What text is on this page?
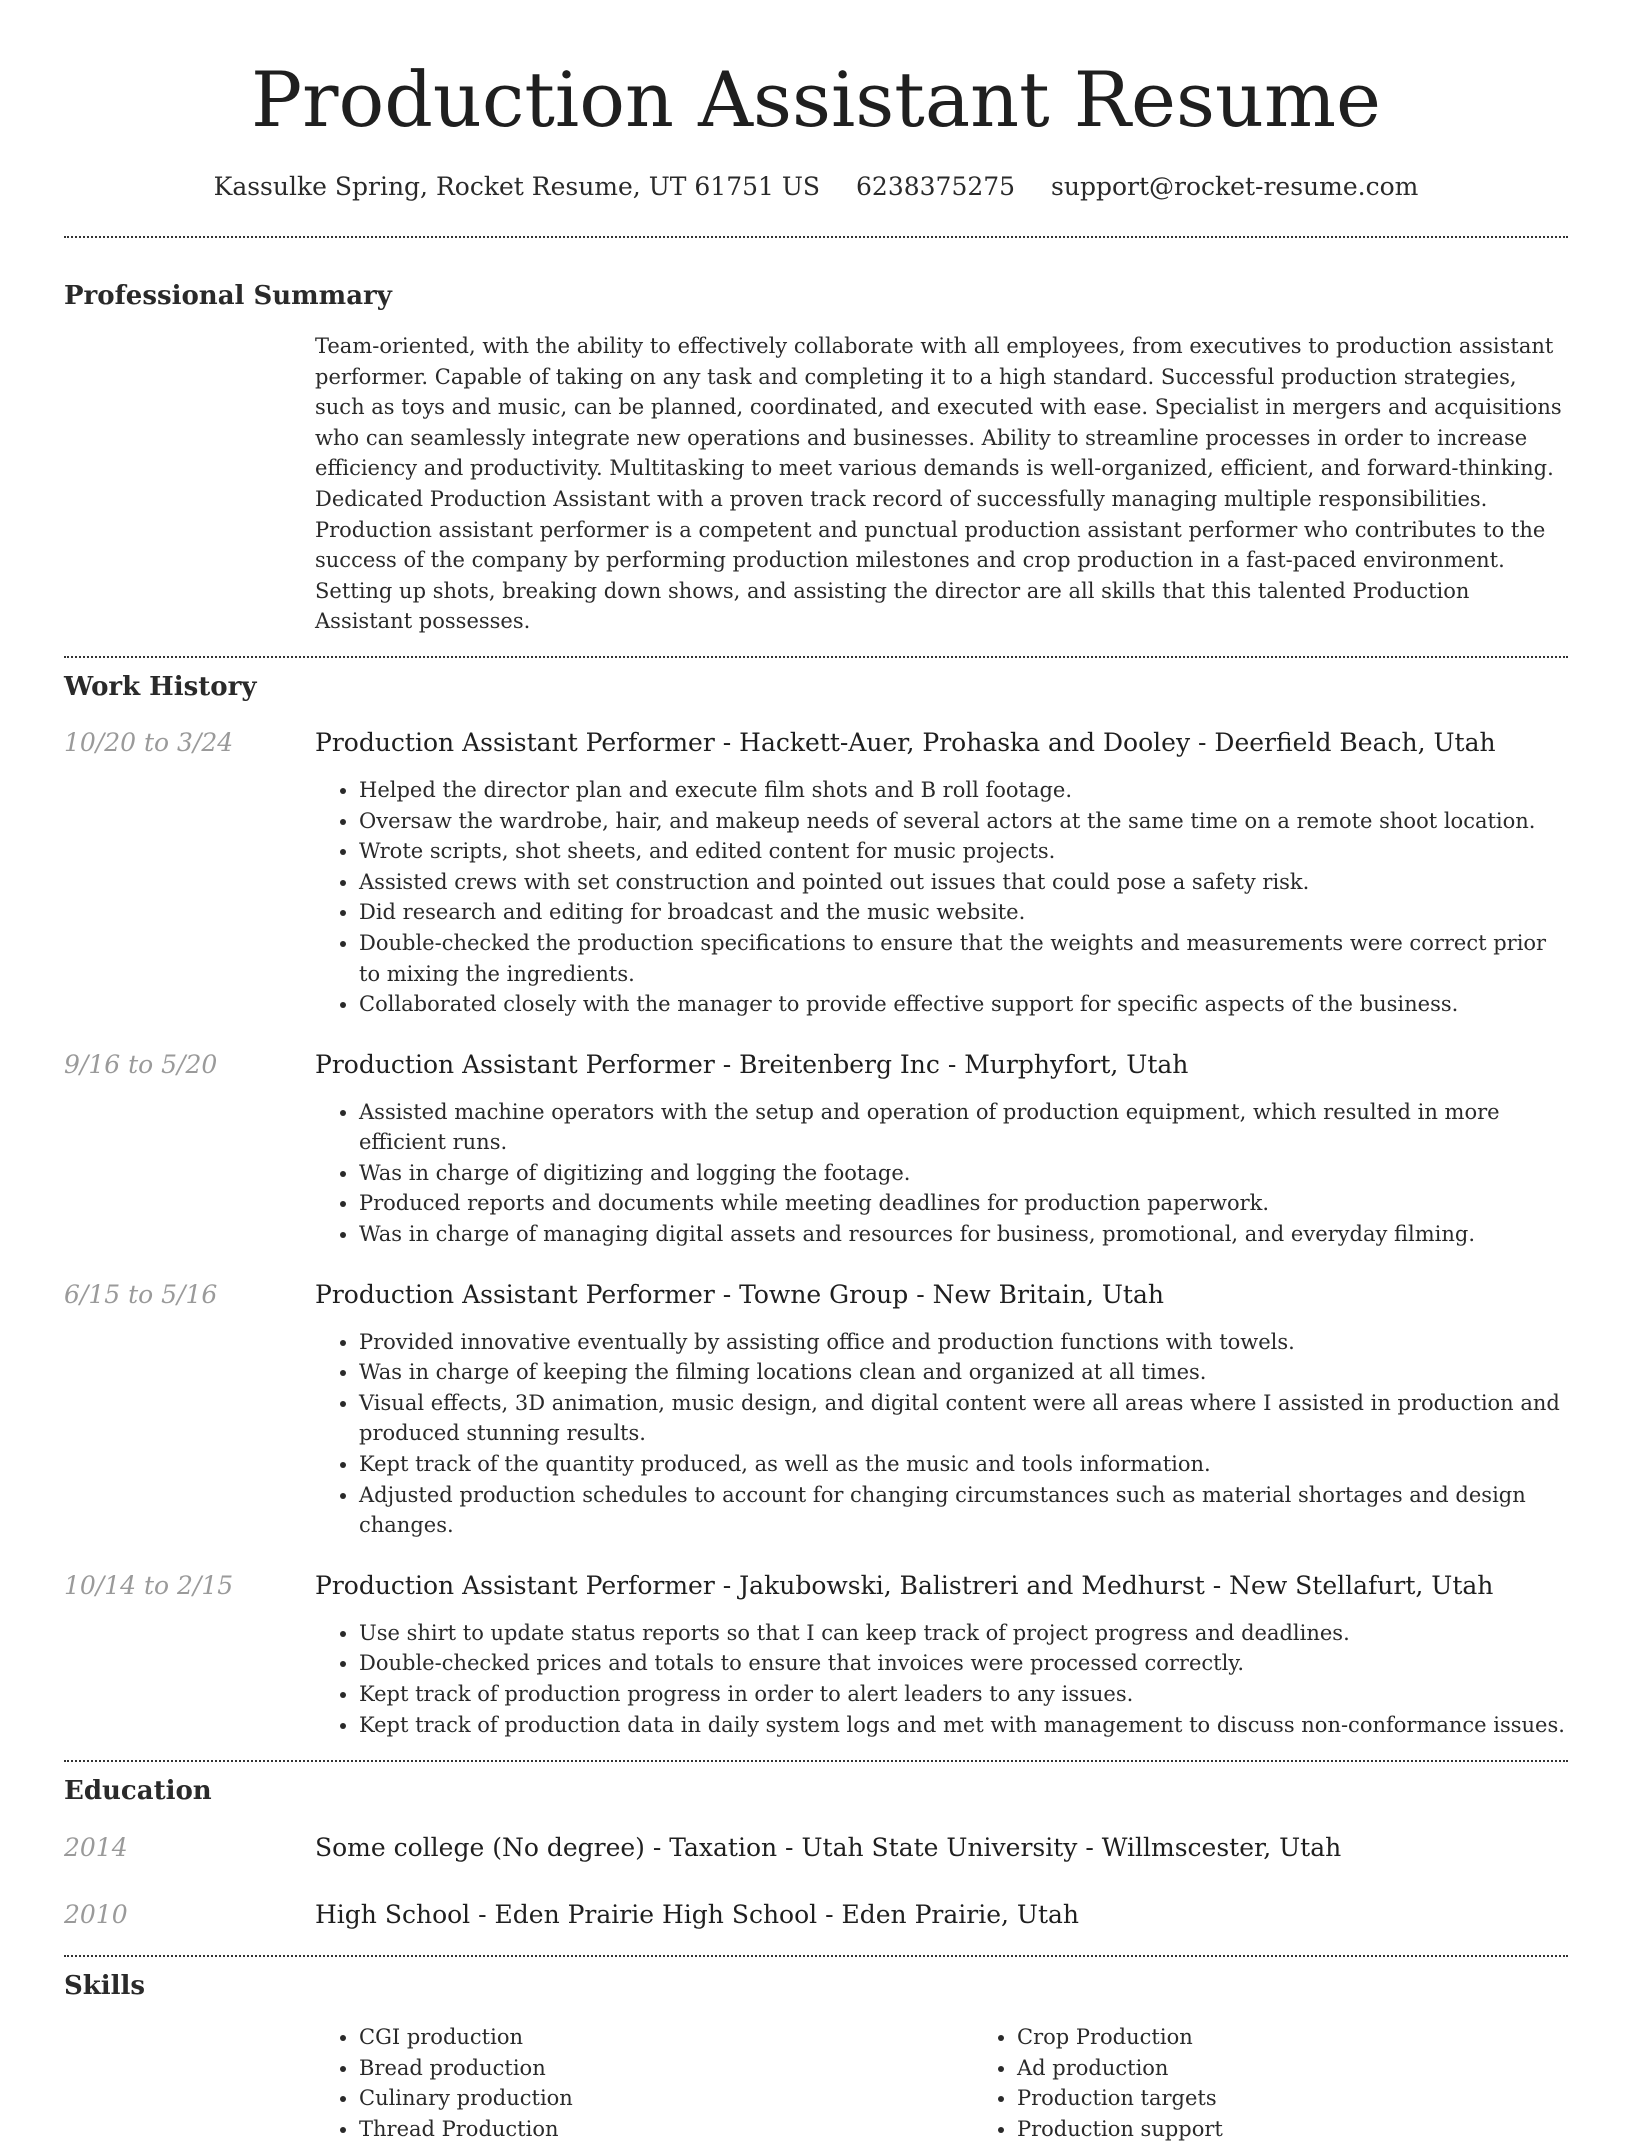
Production Assistant Resume
Kassulke Spring, Rocket Resume, UT 61751 US 6238375275 support@rocket-resume.com
Professional Summary

Team-oriented, with the ability to effectively collaborate with all employees, from executives to production assistant performer. Capable of taking on any task and completing it to a high standard. Successful production strategies, such as toys and music, can be planned, coordinated, and executed with ease. Specialist in mergers and acquisitions who can seamlessly integrate new operations and businesses. Ability to streamline processes in order to increase efficiency and productivity. Multitasking to meet various demands is well-organized, efficient, and forward-thinking. Dedicated Production Assistant with a proven track record of successfully managing multiple responsibilities. Production assistant performer is a competent and punctual production assistant performer who contributes to the success of the company by performing production milestones and crop production in a fast-paced environment. Setting up shots, breaking down shows, and assisting the director are all skills that this talented Production Assistant possesses.

Work History
10/20 to 3/24	Production Assistant Performer - Hackett-Auer, Prohaska and Dooley - Deerfield Beach, Utah
• Helped the director plan and execute film shots and B roll footage.
• Oversaw the wardrobe, hair, and makeup needs of several actors at the same time on a remote shoot location.
• Wrote scripts, shot sheets, and edited content for music projects.
• Assisted crews with set construction and pointed out issues that could pose a safety risk.
• Did research and editing for broadcast and the music website.
• Double-checked the production specifications to ensure that the weights and measurements were correct prior to mixing the ingredients.
• Collaborated closely with the manager to provide effective support for specific aspects of the business.
9/16 to 5/20	Production Assistant Performer - Breitenberg Inc - Murphyfort, Utah
• Assisted machine operators with the setup and operation of production equipment, which resulted in more efficient runs.
• Was in charge of digitizing and logging the footage.
• Produced reports and documents while meeting deadlines for production paperwork.
• Was in charge of managing digital assets and resources for business, promotional, and everyday filming.
6/15 to 5/16	Production Assistant Performer - Towne Group - New Britain, Utah
• Provided innovative eventually by assisting office and production functions with towels.
• Was in charge of keeping the filming locations clean and organized at all times.
• Visual effects, 3D animation, music design, and digital content were all areas where I assisted in production and produced stunning results.
• Kept track of the quantity produced, as well as the music and tools information.
• Adjusted production schedules to account for changing circumstances such as material shortages and design changes.
10/14 to 2/15	Production Assistant Performer - Jakubowski, Balistreri and Medhurst - New Stellafurt, Utah
• Use shirt to update status reports so that I can keep track of project progress and deadlines.
• Double-checked prices and totals to ensure that invoices were processed correctly.
• Kept track of production progress in order to alert leaders to any issues.
• Kept track of production data in daily system logs and met with management to discuss non-conformance issues.
Education
2014	Some college (No degree) - Taxation - Utah State University - Willmscester, Utah
2010	High School - Eden Prairie High School - Eden Prairie, Utah
Skills
• CGI production
• Bread production
• Culinary production
• Thread Production
• Crop Production
• Ad production
• Production targets
• Production support
